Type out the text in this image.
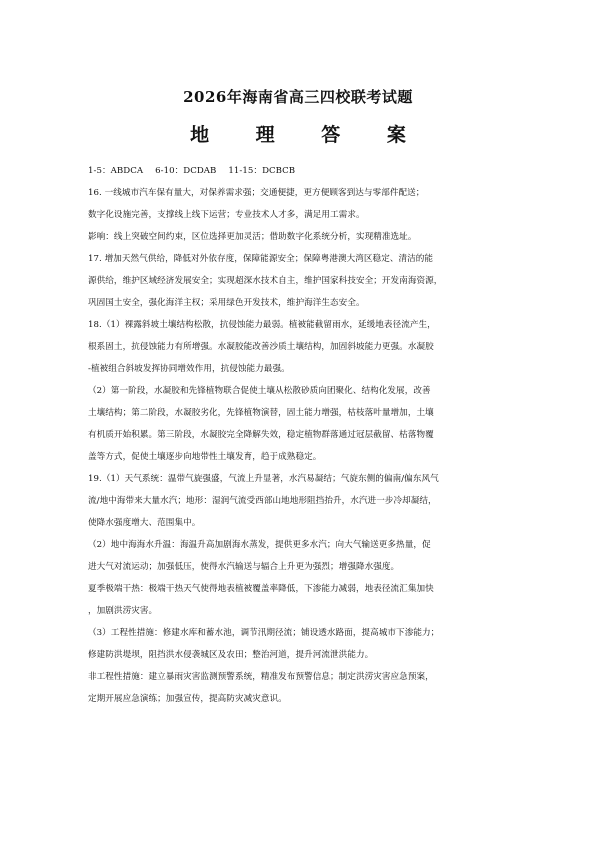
2026年海南省高三四校联考试题
地 理 答 案
1-5：ABDCA 6-10：DCDAB 11-15：DCBCB
16. 一线城市汽车保有量大，对保养需求强；交通便捷，更方便顾客到达与零部件配送；
数字化设施完善，支撑线上线下运营；专业技术人才多，满足用工需求。
影响：线上突破空间约束，区位选择更加灵活；借助数字化系统分析，实现精准选址。
17. 增加天然气供给，降低对外依存度，保障能源安全；保障粤港澳大湾区稳定、清洁的能
源供给，维护区域经济发展安全；实现超深水技术自主，维护国家科技安全；开发南海资源，
巩固国土安全，强化海洋主权；采用绿色开发技术，维护海洋生态安全。
18.（1）裸露斜坡土壤结构松散，抗侵蚀能力最弱。植被能截留雨水，延缓地表径流产生，
根系固土，抗侵蚀能力有所增强。水凝胶能改善沙质土壤结构，加固斜坡能力更强。水凝胶
-植被组合斜坡发挥协同增效作用，抗侵蚀能力最强。
（2）第一阶段，水凝胶和先锋植物联合促使土壤从松散砂质向团聚化、结构化发展，改善
土壤结构；第二阶段，水凝胶劣化，先锋植物演替，固土能力增强，枯枝落叶量增加，土壤
有机质开始积累。第三阶段，水凝胶完全降解失效，稳定植物群落通过冠层截留、枯落物覆
盖等方式，促使土壤逐步向地带性土壤发育，趋于成熟稳定。
19.（1）天气系统：温带气旋强盛，气流上升显著，水汽易凝结；气旋东侧的偏南/偏东风气
流/地中海带来大量水汽；地形：湿润气流受西部山地地形阻挡抬升，水汽进一步冷却凝结，
使降水强度增大、范围集中。
（2）地中海海水升温：海温升高加剧海水蒸发，提供更多水汽；向大气输送更多热量，促
进大气对流运动；加强低压，使得水汽输送与辐合上升更为强烈；增强降水强度。
夏季极端干热：极端干热天气使得地表植被覆盖率降低，下渗能力减弱，地表径流汇集加快
，加剧洪涝灾害。
（3）工程性措施：修建水库和蓄水池，调节汛期径流；铺设透水路面，提高城市下渗能力；
修建防洪堤坝，阻挡洪水侵袭城区及农田；整治河道，提升河流泄洪能力。
非工程性措施：建立暴雨灾害监测预警系统，精准发布预警信息；制定洪涝灾害应急预案，
定期开展应急演练；加强宣传，提高防灾减灾意识。
